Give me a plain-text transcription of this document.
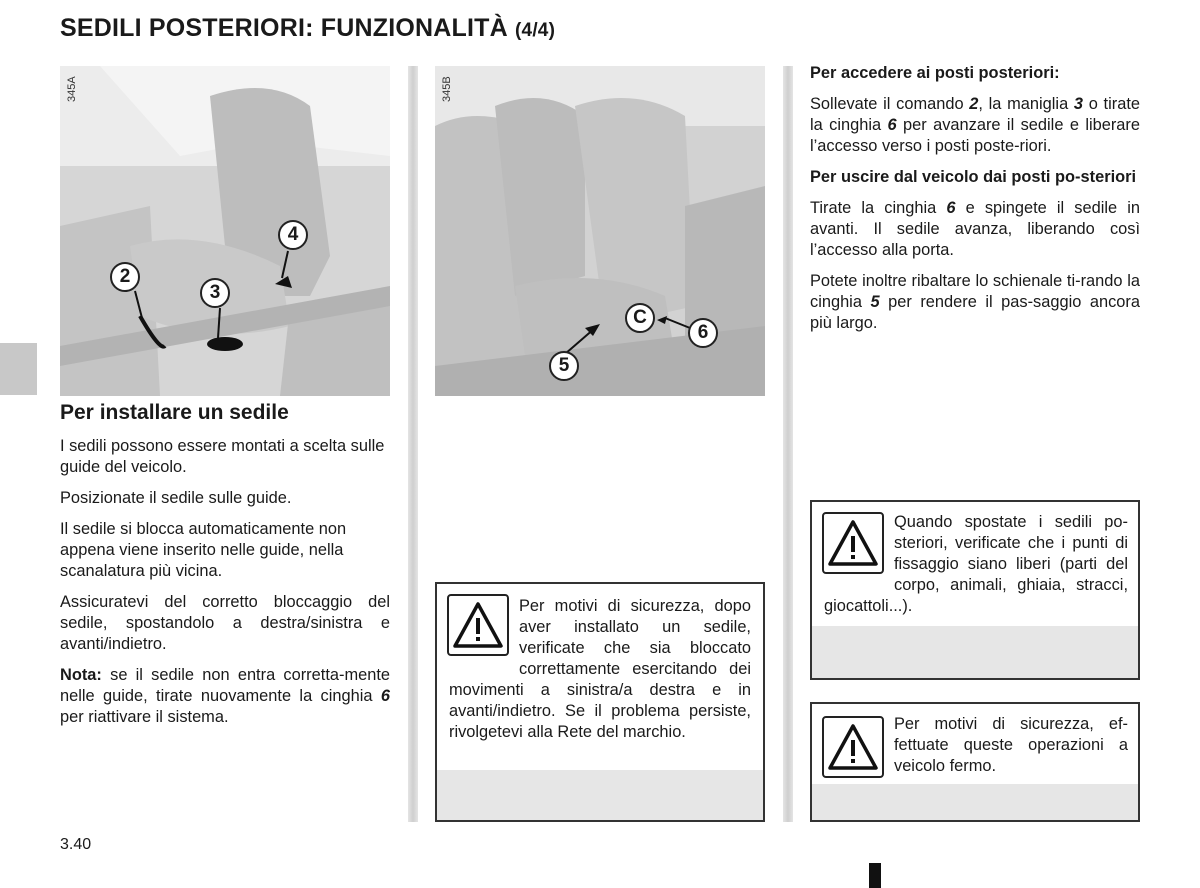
SEDILI POSTERIORI: FUNZIONALITÀ (4/4)
345A
2
3
4
345B
5
C
6
Per installare un sedile

I sedili possono essere montati a scelta sulle guide del veicolo.

Posizionate il sedile sulle guide.

Il sedile si blocca automaticamente non appena viene inserito nelle guide, nella scanalatura più vicina.

Assicuratevi del corretto bloccaggio del sedile, spostandolo a destra/sinistra e avanti/indietro.

Nota: se il sedile non entra corretta-mente nelle guide, tirate nuovamente la cinghia 6 per riattivare il sistema.

Per accedere ai posti posteriori:

Sollevate il comando 2, la maniglia 3 o tirate la cinghia 6 per avanzare il sedile e liberare l’accesso verso i posti poste-riori.

Per uscire dal veicolo dai posti po-steriori

Tirate la cinghia 6 e spingete il sedile in avanti. Il sedile avanza, liberando così l’accesso alla porta.

Potete inoltre ribaltare lo schienale ti-rando la cinghia 5 per rendere il pas-saggio ancora più largo.

Per motivi di sicurezza, dopo aver installato un sedile, verificate che sia bloccato correttamente esercitando dei movimenti a sinistra/a destra e in avanti/indietro. Se il problema persiste, rivolgetevi alla Rete del marchio.

Quando spostate i sedili po-steriori, verificate che i punti di fissaggio siano liberi (parti del corpo, animali, ghiaia, stracci, giocattoli...).

Per motivi di sicurezza, ef-fettuate queste operazioni a veicolo fermo.

3.40
